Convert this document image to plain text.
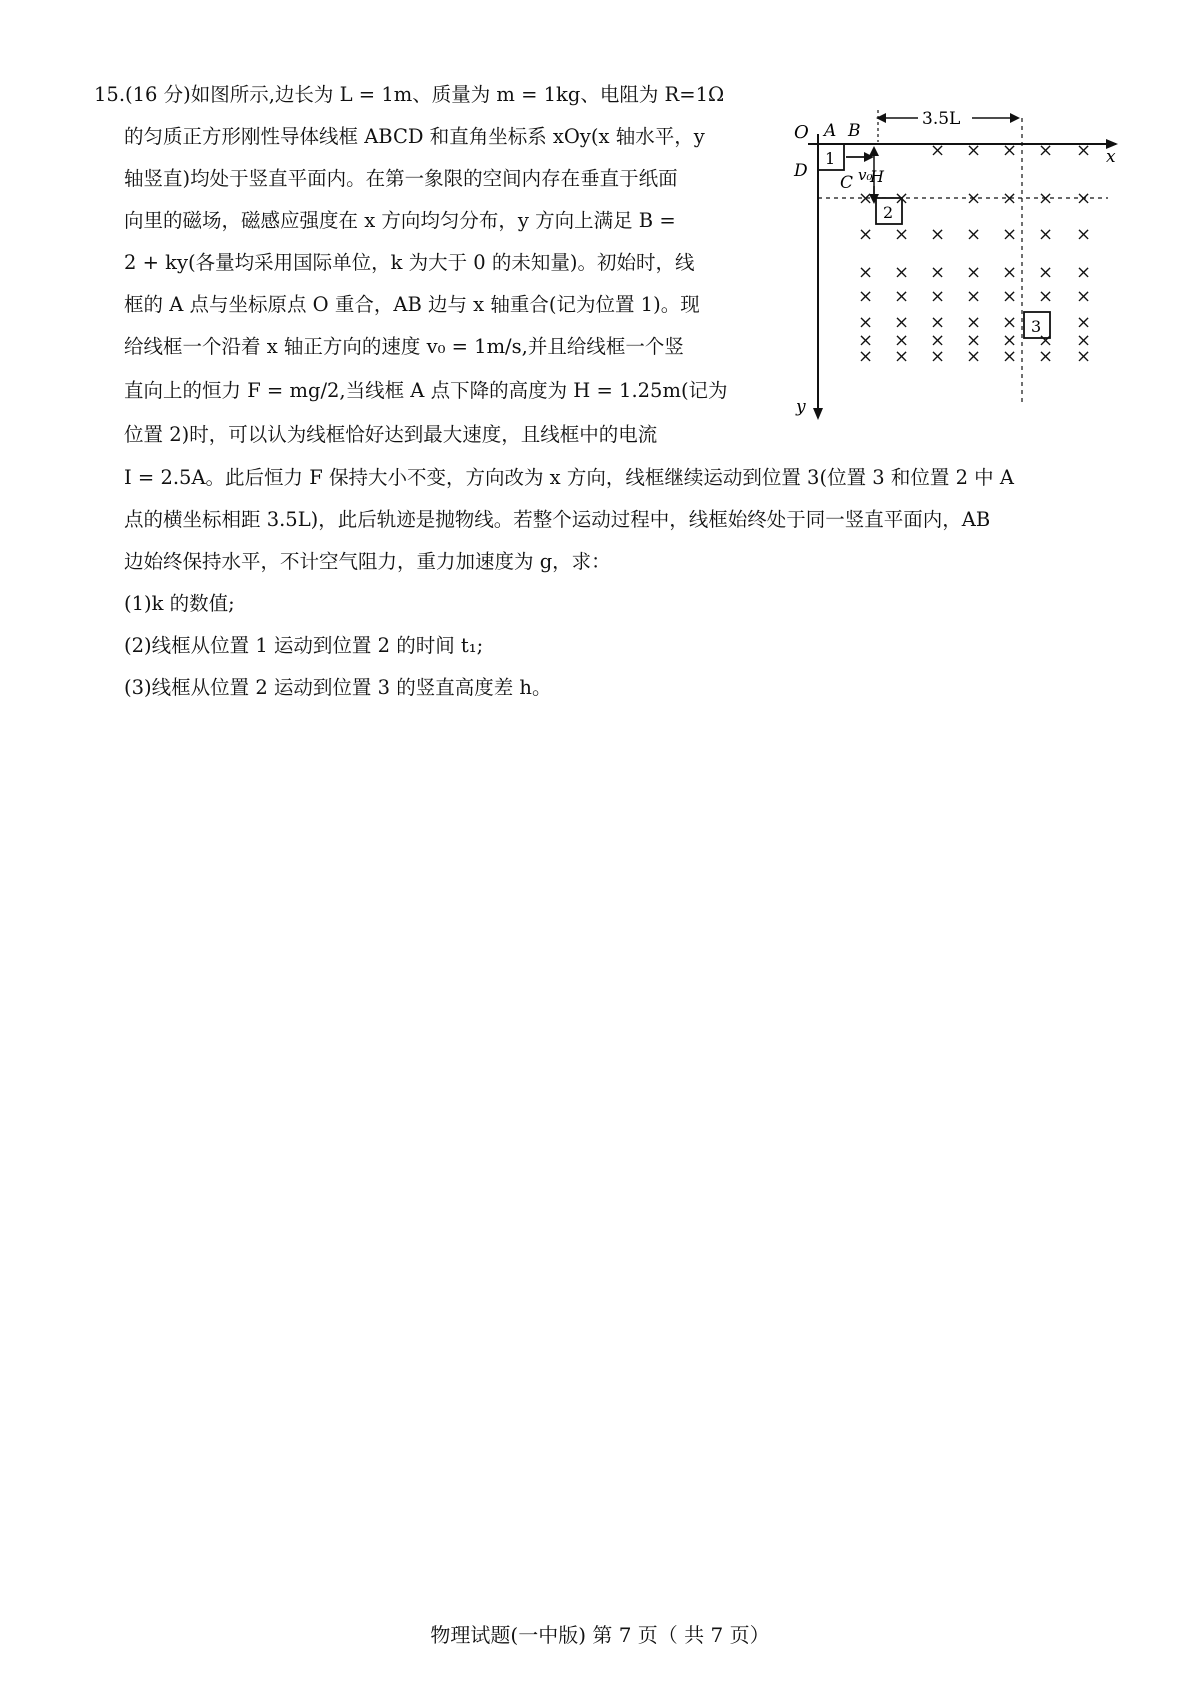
15.(16 分)如图所示,边长为 L = 1m、质量为 m = 1kg、电阻为 R=1Ω
的匀质正方形刚性导体线框 ABCD 和直角坐标系 xOy(x 轴水平，y
轴竖直)均处于竖直平面内。在第一象限的空间内存在垂直于纸面
向里的磁场，磁感应强度在 x 方向均匀分布，y 方向上满足 B =
2 + ky(各量均采用国际单位，k 为大于 0 的未知量)。初始时，线
框的 A 点与坐标原点 O 重合，AB 边与 x 轴重合(记为位置 1)。现
给线框一个沿着 x 轴正方向的速度 v₀ = 1m/s,并且给线框一个竖
直向上的恒力 F = mg/2,当线框 A 点下降的高度为 H = 1.25m(记为
位置 2)时，可以认为线框恰好达到最大速度，且线框中的电流
I = 2.5A。此后恒力 F 保持大小不变，方向改为 x 方向，线框继续运动到位置 3(位置 3 和位置 2 中 A
点的横坐标相距 3.5L)，此后轨迹是抛物线。若整个运动过程中，线框始终处于同一竖直平面内，AB
边始终保持水平，不计空气阻力，重力加速度为 g，求：
(1)k 的数值;
(2)线框从位置 1 运动到位置 2 的时间 t₁;
(3)线框从位置 2 运动到位置 3 的竖直高度差 h。
O A B
D
C
x
y
1
v₀
H
3.5L
2
3
× × × × ×
× ×	× × × ×
× × × × × × ×
× × × × × × ×
× × × × × × ×
× × × × ×	×
× × × × × × ×
× × × × × × ×
物理试题(一中版) 第 7 页（ 共 7 页）
